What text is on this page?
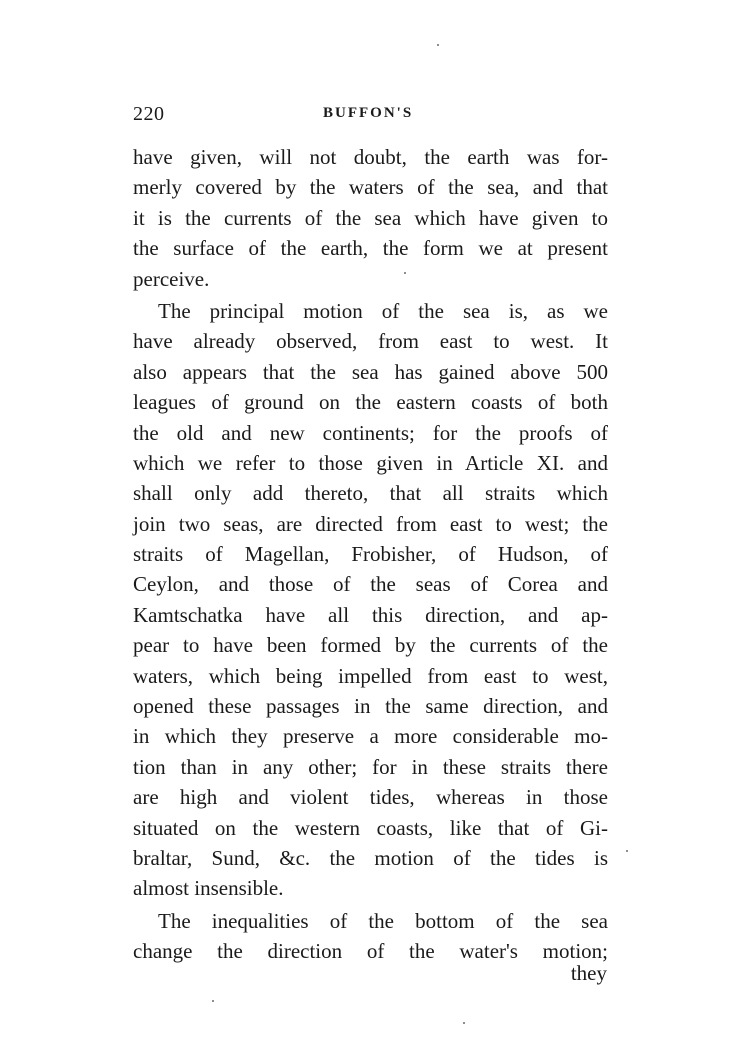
220	BUFFON'S
have given, will not doubt, the earth was for-
merly covered by the waters of the sea, and that
it is the currents of the sea which have given to
the surface of the earth, the form we at present
perceive.
The principal motion of the sea is, as we
have already observed, from east to west. It
also appears that the sea has gained above 500
leagues of ground on the eastern coasts of both
the old and new continents; for the proofs of
which we refer to those given in Article XI. and
shall only add thereto, that all straits which
join two seas, are directed from east to west; the
straits of Magellan, Frobisher, of Hudson, of
Ceylon, and those of the seas of Corea and
Kamtschatka have all this direction, and ap-
pear to have been formed by the currents of the
waters, which being impelled from east to west,
opened these passages in the same direction, and
in which they preserve a more considerable mo-
tion than in any other; for in these straits there
are high and violent tides, whereas in those
situated on the western coasts, like that of Gi-
braltar, Sund, &c. the motion of the tides is
almost insensible.
The inequalities of the bottom of the sea
change the direction of the water's motion;
they
